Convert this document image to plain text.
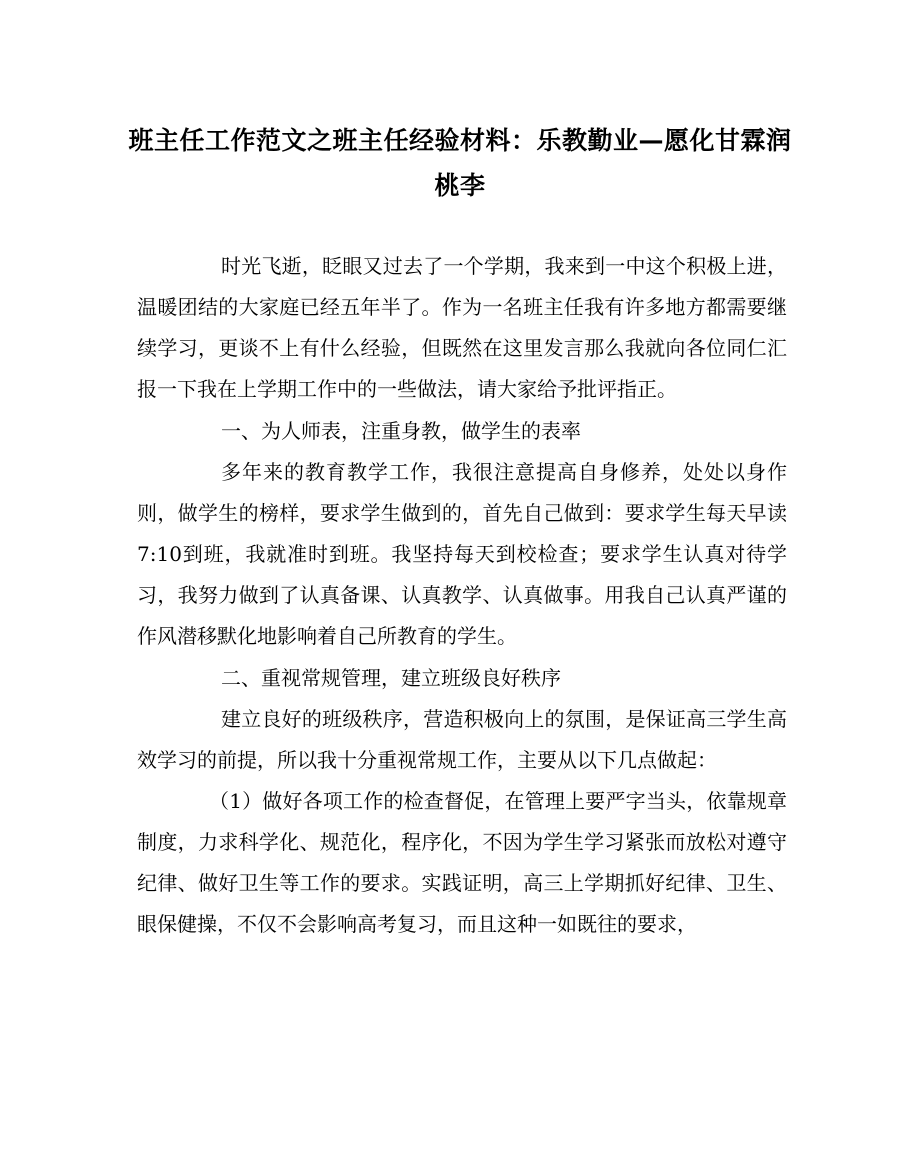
班主任工作范文之班主任经验材料：乐教勤业—愿化甘霖润桃李

时光飞逝，眨眼又过去了一个学期，我来到一中这个积极上进，温暖团结的大家庭已经五年半了。作为一名班主任我有许多地方都需要继续学习，更谈不上有什么经验，但既然在这里发言那么我就向各位同仁汇报一下我在上学期工作中的一些做法，请大家给予批评指正。

一、为人师表，注重身教，做学生的表率

多年来的教育教学工作，我很注意提高自身修养，处处以身作则，做学生的榜样，要求学生做到的，首先自己做到：要求学生每天早读7:10到班，我就准时到班。我坚持每天到校检查；要求学生认真对待学习，我努力做到了认真备课、认真教学、认真做事。用我自己认真严谨的作风潜移默化地影响着自己所教育的学生。

二、重视常规管理，建立班级良好秩序

建立良好的班级秩序，营造积极向上的氛围，是保证高三学生高效学习的前提，所以我十分重视常规工作，主要从以下几点做起：

（1）做好各项工作的检查督促，在管理上要严字当头，依靠规章制度，力求科学化、规范化，程序化，不因为学生学习紧张而放松对遵守纪律、做好卫生等工作的要求。实践证明，高三上学期抓好纪律、卫生、眼保健操，不仅不会影响高考复习，而且这种一如既往的要求，
